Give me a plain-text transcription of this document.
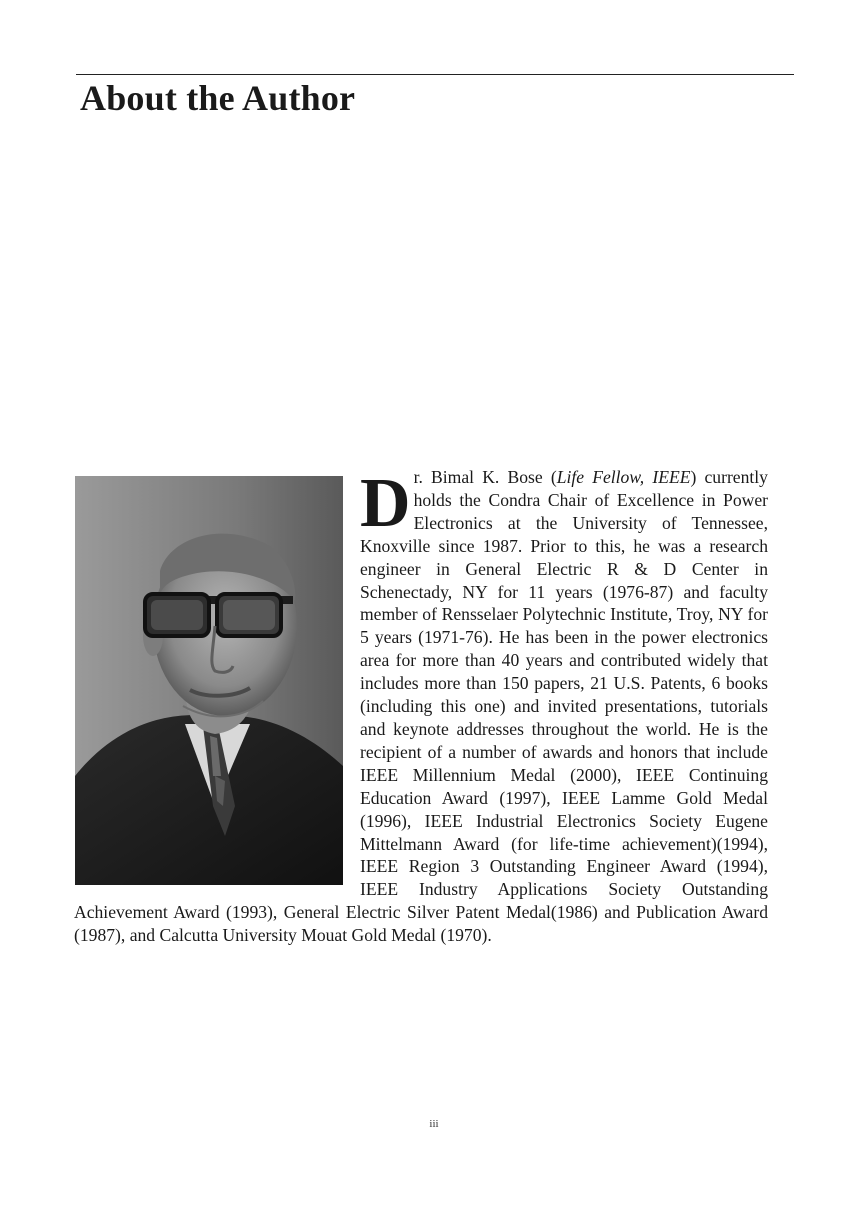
About the Author
D r. Bimal K. Bose (Life Fellow, IEEE) currently holds the Condra Chair of Excellence in Power Electronics at the University of Tennessee, Knoxville since 1987. Prior to this, he was a research engineer in General Electric R & D Center in Schenectady, NY for 11 years (1976-87) and faculty member of Rensselaer Polytechnic Institute, Troy, NY for 5 years (1971-76). He has been in the power electronics area for more than 40 years and contributed widely that includes more than 150 papers, 21 U.S. Patents, 6 books (including this one) and invited presentations, tutorials and keynote addresses throughout the world. He is the recipient of a number of awards and honors that include IEEE Millennium Medal (2000), IEEE Continuing Education Award (1997), IEEE Lamme Gold Medal (1996), IEEE Industrial Electronics Society Eugene Mittelmann Award (for life-time achievement)(1994), IEEE Region 3 Outstanding Engineer Award (1994), IEEE Industry Applications Society Outstanding Achievement Award (1993), General Electric Silver Patent Medal(1986) and Publication Award (1987), and Calcutta University Mouat Gold Medal (1970).
iii
